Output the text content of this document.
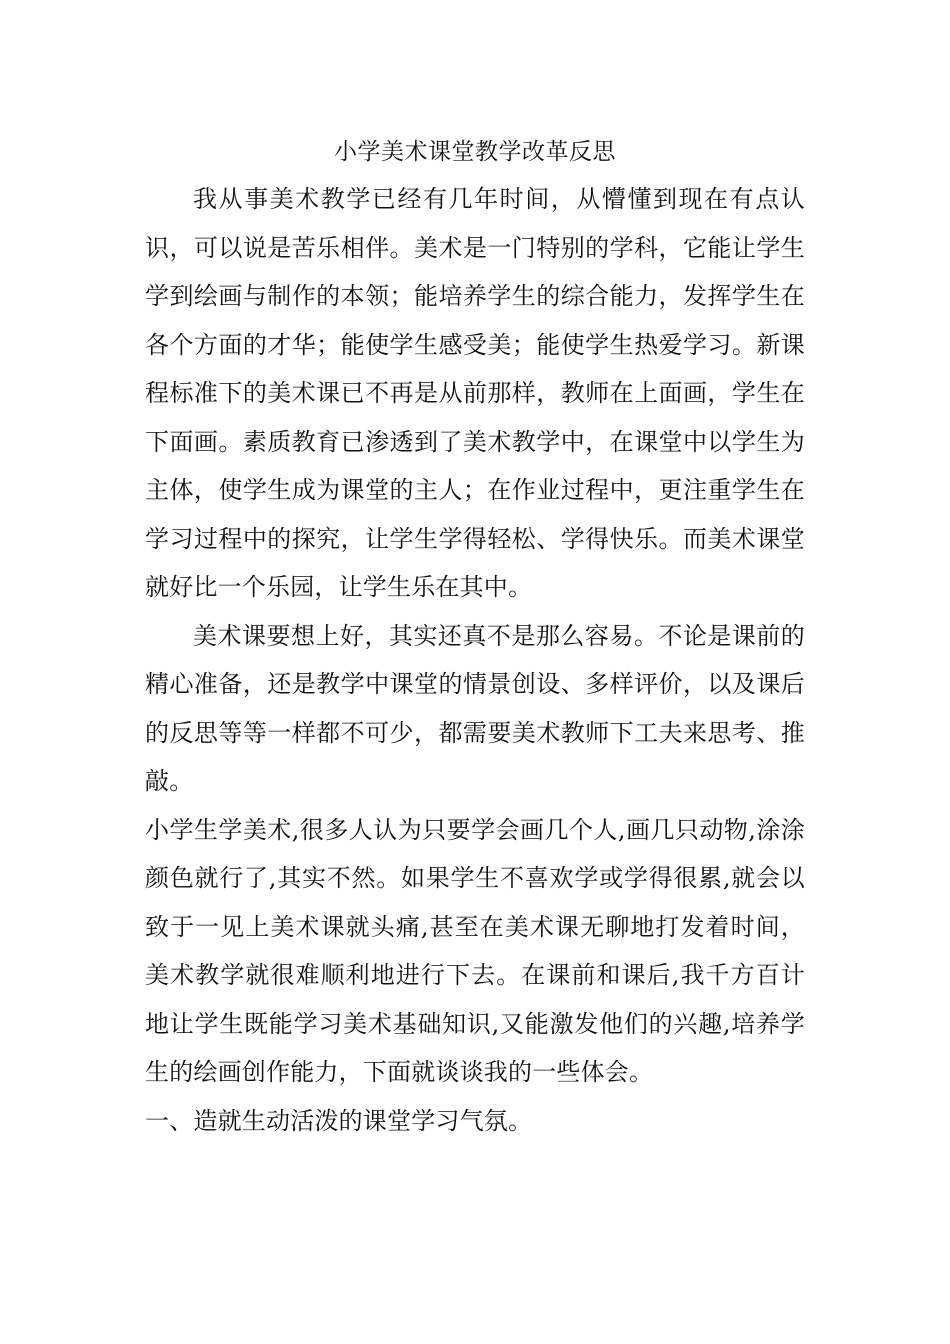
小学美术课堂教学改革反思

我从事美术教学已经有几年时间，从懵懂到现在有点认识，可以说是苦乐相伴。美术是一门特别的学科，它能让学生学到绘画与制作的本领；能培养学生的综合能力，发挥学生在各个方面的才华；能使学生感受美；能使学生热爱学习。新课程标准下的美术课已不再是从前那样，教师在上面画，学生在下面画。素质教育已渗透到了美术教学中，在课堂中以学生为主体，使学生成为课堂的主人；在作业过程中，更注重学生在学习过程中的探究，让学生学得轻松、学得快乐。而美术课堂就好比一个乐园，让学生乐在其中。

美术课要想上好，其实还真不是那么容易。不论是课前的精心准备，还是教学中课堂的情景创设、多样评价，以及课后的反思等等一样都不可少，都需要美术教师下工夫来思考、推敲。

小学生学美术,很多人认为只要学会画几个人,画几只动物,涂涂颜色就行了,其实不然。如果学生不喜欢学或学得很累,就会以致于一见上美术课就头痛,甚至在美术课无聊地打发着时间，美术教学就很难顺利地进行下去。在课前和课后,我千方百计地让学生既能学习美术基础知识,又能激发他们的兴趣,培养学生的绘画创作能力，下面就谈谈我的一些体会。

一、造就生动活泼的课堂学习气氛。
